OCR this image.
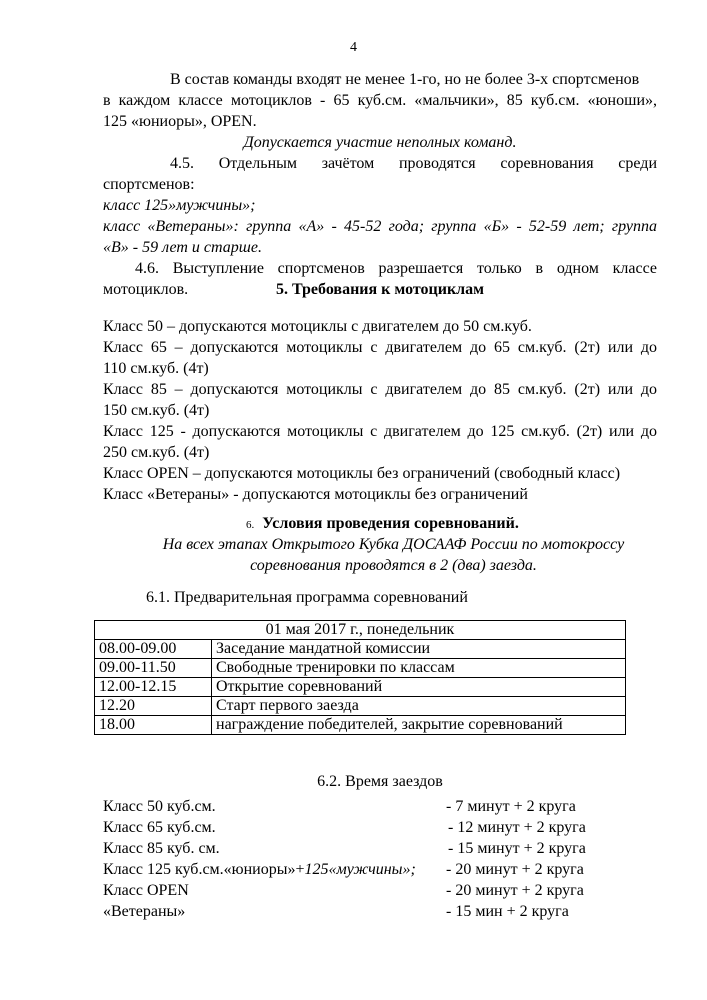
4
В состав команды входят не менее 1-го, но не более 3-х спортсменов
в каждом классе мотоциклов - 65 куб.см. «мальчики», 85 куб.см. «юноши»,
125 «юниоры», OPEN.
Допускается участие неполных команд.
4.5. Отдельным зачётом проводятся соревнования среди
спортсменов:
класс 125»мужчины»;
класс «Ветераны»: группа «А» - 45-52 года; группа «Б» - 52-59 лет; группа
«В» - 59 лет и старше.
4.6. Выступление спортсменов разрешается только в одном классе
мотоциклов.	5. Требования к мотоциклам
Класс 50 – допускаются мотоциклы с двигателем до 50 см.куб.
Класс 65 – допускаются мотоциклы с двигателем до 65 см.куб. (2т) или до
110 см.куб. (4т)
Класс 85 – допускаются мотоциклы с двигателем до 85 см.куб. (2т) или до
150 см.куб. (4т)
Класс 125 - допускаются мотоциклы с двигателем до 125 см.куб. (2т) или до
250 см.куб. (4т)
Класс OPEN – допускаются мотоциклы без ограничений (свободный класс)
Класс «Ветераны» - допускаются мотоциклы без ограничений
6. Условия проведения соревнований.
На всех этапах Открытого Кубка ДОСААФ России по мотокроссу
соревнования проводятся в 2 (два) заезда.
6.1. Предварительная программа соревнований
01 мая 2017 г., понедельник	
08.00-09.00	Заседание мандатной комиссии
09.00-11.50	Свободные тренировки по классам
12.00-12.15	Открытие соревнований
12.20	Старт первого заезда
18.00	награждение победителей, закрытие соревнований
6.2. Время заездов
Класс 50 куб.см.	- 7 минут + 2 круга
Класс 65 куб.см.	- 12 минут + 2 круга
Класс 85 куб. см.	- 15 минут + 2 круга
Класс 125 куб.см.«юниоры»+125«мужчины»; - 20 минут + 2 круга
Класс OPEN	- 20 минут + 2 круга
«Ветераны»	- 15 мин + 2 круга
